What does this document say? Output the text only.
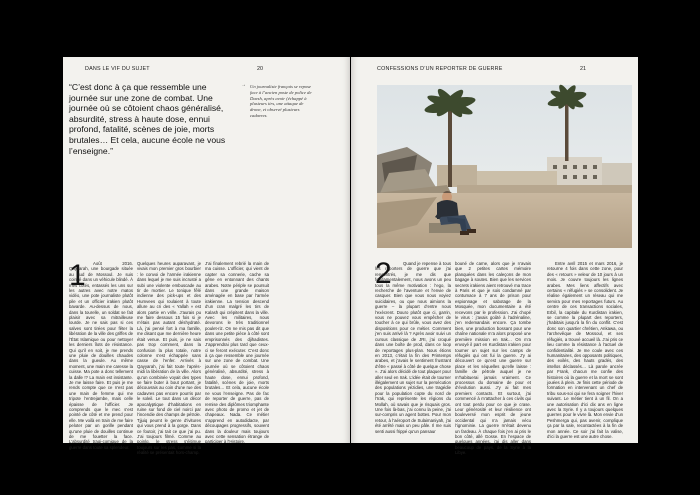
DANS LE VIF DU SUJET	20
“C’est donc à ça que ressemble une journée sur une zone de combat. Une journée où se côtoient chaos généralisé, absurdité, stress à haute dose, ennui profond, fatalité, scènes de joie, morts brutales… Et cela, aucune école ne vous l’enseigne.”
→ Un journaliste français se repose face à l’ancien poste de police de Daesh, après avoir (échappé à plusieurs tirs, une attaque de drone, et observé plusieurs cadavres.
1	Août 2016. Qayyarah, une bourgade située au sud de Mossoul. Je suis coincé dans un véhicule blindé. À mes côtés, entassés les uns sur les autres avec notre matos vidéo, une pote journaliste plutôt pile et un officier irakien plutôt bavarde. Au-dessus de nous, dans la tourelle, un soldat se fait plaisir avec sa mitrailleuse lourde. Je ne sais pas si ces salves sont tirées pour fêter la libération de la ville des griffes de l’État Islamique ou pour nettoyer les derniers îlots de résistance. Qui qu’il en soit, je me prends une pluie de douilles chaudes dans la gueule. Au même moment, une main me caresse la cuisse. Ma pote a donc tellement la dalle !? La main est insistante. Je me laisse faire. Et puis je me rends compte que ce n’est pas une main de femme qui me tripote l’entrejambe, mais celle épaisse de l’officier. Je comprends que le mec s’est pointé de côté et me prend pour elle. Me voilà en train de me faire peloter par un gorille pendant qu’une pluie de douilles continue de me fouetter la face. L’absurdité tragi-comique de la guerre dans toute sa splendeur.
Quelques heures auparavant, je vivais mon premier gros bourbier : le convoi de l’armée irakienne dans lequel je me suis incrusté a subi une violente embuscade au tir de mortier. Le tonique fêlé indienne des pick-ups et des Humvees qui roulaient à toute allure au cri des « Yallah » est alors partie en vrille. J’aurais pu me faire dessous 15 fois si je n’étais pas autant déshydraté. Là, j’ai pensé fort à ma famille, me disant que me dernière heure était venue. Et puis, je ne sais pas trop comment, dans la confusion la plus totale, notre colonne s’est échappée sans casse de l’enfer. Arrivés à Qayyarah, j’ai fait toute l’après-midi la libération de la ville. Alors qu’un combinée voyait des types se faire buter à bout portant, je découvrais au coin d’une rue des cadavres pas encore pourris par le soleil. Le tout dans un décor apocalyptique d’habitations en ruine sur fond de ciel noirci par l’incendie des champs de pétrole. Tjjuiq peurnt le genre d’ivitures qui vous prend à la gorge. Dans ce foutoir, j’ai tait ce que j’ai pu. J’ai toujours filmé. Comme au poinlg, le stress s’éitimue toujours sur les pas, comme si la réalité se présentait hors-champ.
J’ai finalement rebrié la main de ma cuisse. L’officier, qui vient de capter sa connerie, cache sa gêne en entonnant des chants arabes. Notre périple se poursuit dans une grande maison aménagée en base par l’armée irakienne. La tension descend d’un cran malgré les tirs de Kalash qui crépitent dans la ville. Avec les militaires, nous devorons le très traditionnel poulet-riz. On ne mis pas dit que dans une petite pièce à côté sont emprisonnés des djihadistes. J’apprendrai plus tard que ceux-ci se feront exécuter. C’est donc à ça que ressemble une journée sur une zone de combat. Une journée où se côtoient chaos généralisé, absurdité, stress à haute dose, ennui profond, fatalité, scènes de joie, morts brutales… Et cela, aucune école ne vous l’enseigne. Pas de fac de reporter de guerre, pas de remise des diplômes triomphante avec photo de promo et jet de chapeaux. Nada. Ce métier s’apprend en autodidacte, par découpages progressifs, souvent dans la douleur mais toujours avec cette sensation étrange de participer à l’Histoire.
CONFESSIONS D’UN REPORTER DE GUERRE	21
2	Quand je repense à tous les reporters de guerre que j’ai rencontrés, je me dis que fondamentalement, nous avons un peu tous la même motivation : l’ego, la recherche de l’aventure et l’envie de casquer. Bien que vous nous voyiez suicidaires, ou que nous aimions la guerre – la plupart d’entre nous l’exècrent. Douro plutôt que ci, garrin, vous ne pouvez vous empêcher de toucher à ce qui brûle, vous avez des dispositions pour ce métier. Comment j’en suis arrivé là ? Après avoir suivi un cursus classique de JRI, j’ai croqué dans une boîte de prod, dans ce loop de reportages plus-plan. Nous étions en 2013, c’était la fin des Printemps arabes, et j’avais le sentiment frustrant d’être « passé à côté de quelque chose ». J’ai alors décidé de tout plaquer pour aller seul en Irak. L’idée était de tourner illégalement un sujet sur la persécution des populations yézidies, une tragédie pour la population copte du nord de l’Irak, qui représente les régions du Mollah, où savais que je risquais gros. Une fois là-bas, j’ai connu la peine, j’ai sur-compris un agent bottes. Pour mon retour, à l’aéroport de Sulaimaniyah, j’ai été arrêté mais un peu pâle. Il me suis senti aussi frippé qu’un pansaur
bouné de carne, alors que je n’avais que 2 petites cartes mémoire planquées dans les caleçons de mon bagage à soutes. Bien que les services secrets irakiens aient retrouvé ma trace à Paris et que je sois condamné par contumace à 7 ans de prison pour espionnage et sabotage de la Mosquée, mon documentaire a été recevons par le profession. J’ai chopé le virus : j’avais goûté à l’adrénaline, j’en redemandais encore. Ça tombe bien, une production bossant pour une chaîne nationale m’a alors proposé une première mission en Irak… On m’a envoyé il part en Kurdistan irakien pour tourner un sujet sur les camps de réfugiés qui ont fui la guerre. J’y ai découvert ce qu’est une guerre sur place et les séquelles qu’elle laisse : famille de pétrole auquel je ne m’habituerai jamais vraiment. Ce processus du domaine de pour et d’évolution aussi. J’y ai fait mes premiers contacts. Et surtout, j’ai commencé à m’attacher à ces civils qui ont tout perdu pour ce que je crase. Leur générosité et leur résilience ont bouleversé mon esprit de jeune occidental qui n’a jamais vécu l’ignominie. La guerre m’était devenu un fardeau. À chaque fois j’en ai pris le bon côté, allé Gosse. En l’espace de quelques années, j’ai dis aller dans beaucoup de pays, de la Syrie à la Libye.
Entre avril 2015 et mars 2016, je retourne 4 fois dans cette zone, pour des « retours » veleur de 10 jours à un mois. Je couvre toujours les lignes arabes. Mes liens affectifs avec certains « réfugiés » se consolident. Je réalise également un réseau qui me servira pour mes reportages futurs. Au centre de ces transactions sociales, Erbil, la capitale du Kurdistan irakien, se comme la plupart des reporters, j’habitais jusqu’à la fin du conflit. C’est donc son quartier chrétien, Ankawa, ou l’archevêque de Mossoul, et ses réfugiés, a trouvé accueil là. J’ai pris ce lieu comme la résistance à l’actuel de confidentialité. Je me coule avec ces humanitaires, des opposants politiques, des exilés, des hauts gradés, des intellos déclassés… Là parole ancrée par Frank, chacun me confie des histoires où la guerre et la mort se sont jouées à plein. Je finis cette période de formation en intervenant un chef de tribu sous-soi qui se fera soigner l’hiver suivant. Le métier tient à un fil. On a une autorisation d’ici dix ans en ligne avec la Syrie. Il y a toujours quelques guerres pour le vivre là. Mon envie d’un Peshmerga qui, pas avenir, complique ça par la sale, recontactées à la fin de mon année. Ce soir j’ai fait la valise, d’ici la guerre est une autre chose.
